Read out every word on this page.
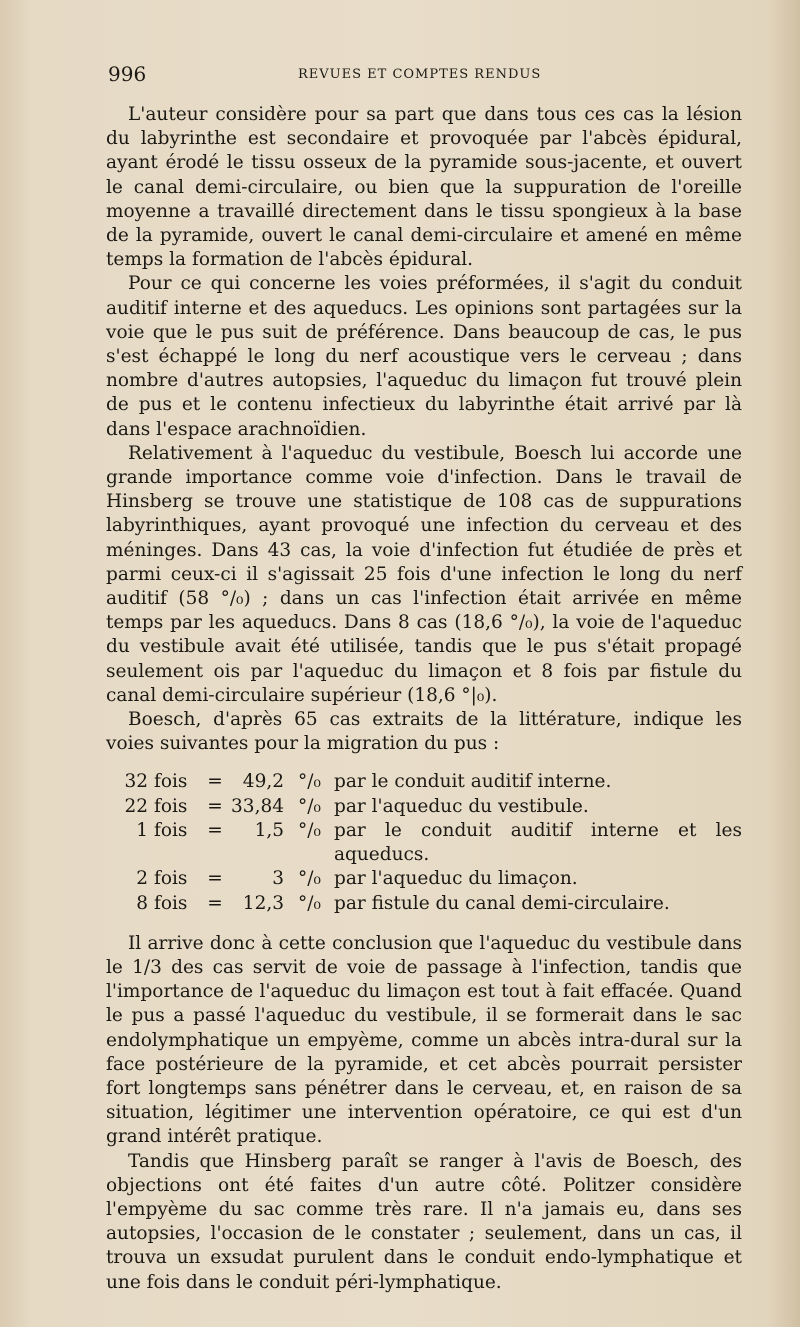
996	REVUES ET COMPTES RENDUS

L'auteur considère pour sa part que dans tous ces cas la lésion du labyrinthe est secondaire et provoquée par l'abcès épidural, ayant érodé le tissu osseux de la pyramide sous-jacente, et ouvert le canal demi-circulaire, ou bien que la suppuration de l'oreille moyenne a travaillé directement dans le tissu spongieux à la base de la pyramide, ouvert le canal demi-circulaire et amené en même temps la formation de l'abcès épidural.

Pour ce qui concerne les voies préformées, il s'agit du conduit auditif interne et des aqueducs. Les opinions sont partagées sur la voie que le pus suit de préférence. Dans beaucoup de cas, le pus s'est échappé le long du nerf acoustique vers le cerveau ; dans nombre d'autres autopsies, l'aqueduc du limaçon fut trouvé plein de pus et le contenu infectieux du labyrinthe était arrivé par là dans l'espace arachnoïdien.

Relativement à l'aqueduc du vestibule, Boesch lui accorde une grande importance comme voie d'infection. Dans le travail de Hinsberg se trouve une statistique de 108 cas de suppurations labyrinthiques, ayant provoqué une infection du cerveau et des méninges. Dans 43 cas, la voie d'infection fut étudiée de près et parmi ceux-ci il s'agissait 25 fois d'une infection le long du nerf auditif (58 °/₀) ; dans un cas l'infection était arrivée en même temps par les aqueducs. Dans 8 cas (18,6 °/₀), la voie de l'aqueduc du vestibule avait été utilisée, tandis que le pus s'était propagé seulement ois par l'aqueduc du limaçon et 8 fois par fistule du canal demi-circulaire supérieur (18,6 °|₀).

Boesch, d'après 65 cas extraits de la littérature, indique les voies suivantes pour la migration du pus :

32 fois	=	49,2 °/₀ par le conduit auditif interne.
22 fois	= 33,84 °/₀ par l'aqueduc du vestibule.
1 fois	=	1,5 °/₀ par le conduit auditif interne et les aqueducs.
2 fois	=	3 °/₀ par l'aqueduc du limaçon.
8 fois	=	12,3 °/₀ par fistule du canal demi-circulaire.

Il arrive donc à cette conclusion que l'aqueduc du vestibule dans le 1/3 des cas servit de voie de passage à l'infection, tandis que l'importance de l'aqueduc du limaçon est tout à fait effacée. Quand le pus a passé l'aqueduc du vestibule, il se formerait dans le sac endolymphatique un empyème, comme un abcès intra-dural sur la face postérieure de la pyramide, et cet abcès pourrait persister fort longtemps sans pénétrer dans le cerveau, et, en raison de sa situation, légitimer une intervention opératoire, ce qui est d'un grand intérêt pratique.

Tandis que Hinsberg paraît se ranger à l'avis de Boesch, des objections ont été faites d'un autre côté. Politzer considère l'empyème du sac comme très rare. Il n'a jamais eu, dans ses autopsies, l'occasion de le constater ; seulement, dans un cas, il trouva un exsudat purulent dans le conduit endo-lymphatique et une fois dans le conduit péri-lymphatique.
